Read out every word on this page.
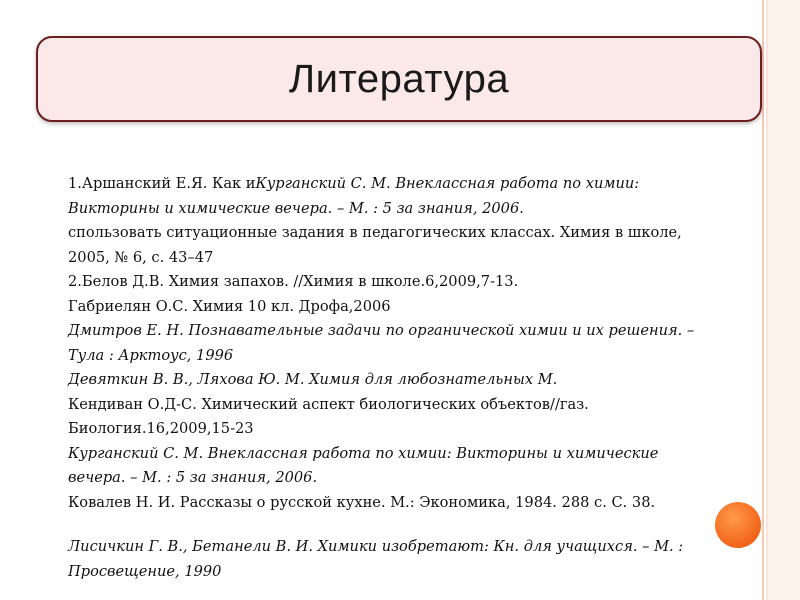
Литература
1.Аршанский Е.Я. Как иКурганский С. М. Внеклассная работа по химии:
Викторины и химические вечера. – М. : 5 за знания, 2006.
спользовать ситуационные задания в педагогических классах. Химия в школе,
2005, № 6, с. 43–47
2.Белов Д.В. Химия запахов. //Химия в школе.6,2009,7-13.
Габриелян О.С. Химия 10 кл. Дрофа,2006
Дмитров Е. Н. Познавательные задачи по органической химии и их решения. –
Тула : Арктоус, 1996
Девяткин В. В., Ляхова Ю. М. Химия для любознательных М.
Кендиван О.Д-С. Химический аспект биологических объектов//газ.
Биология.16,2009,15-23
Курганский С. М. Внеклассная работа по химии: Викторины и химические
вечера. – М. : 5 за знания, 2006.
Ковалев Н. И. Рассказы о русской кухне. М.: Экономика, 1984. 288 с. С. 38.
Лисичкин Г. В., Бетанели В. И. Химики изобретают: Кн. для учащихся. – М. :
Просвещение, 1990
